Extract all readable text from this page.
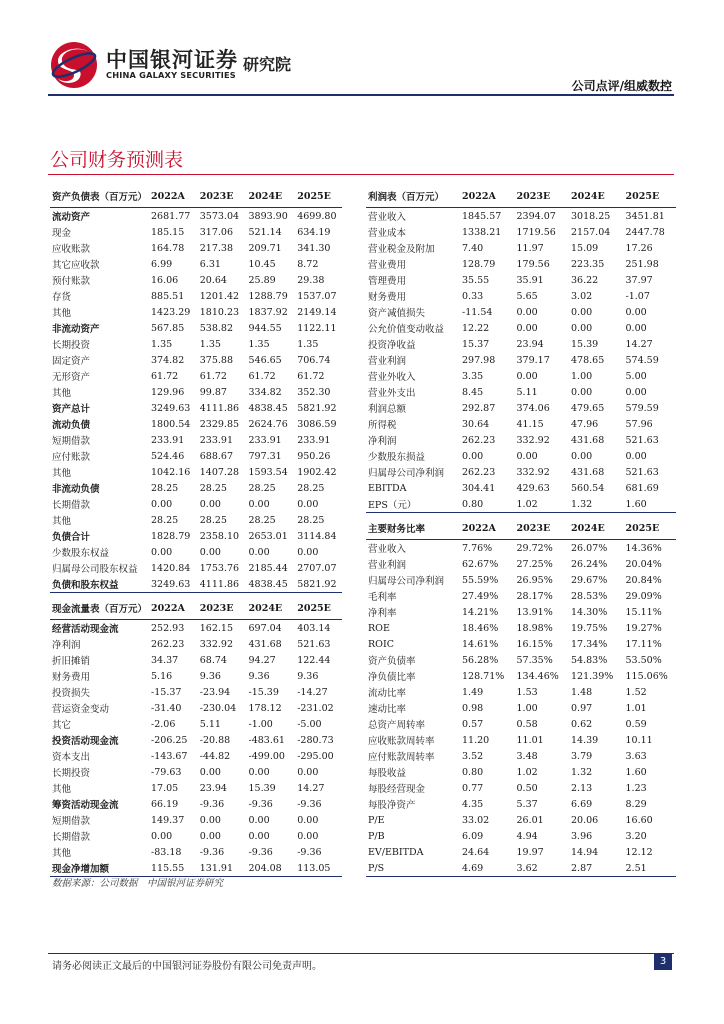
中国银河证券
CHINA GALAXY SECURITIES
研究院
公司点评/组威数控
公司财务预测表
资产负债表（百万元）	2022A	2023E	2024E	2025E
流动资产	2681.77	3573.04	3893.90	4699.80
现金	185.15	317.06	521.14	634.19
应收账款	164.78	217.38	209.71	341.30
其它应收款	6.99	6.31	10.45	8.72
预付账款	16.06	20.64	25.89	29.38
存货	885.51	1201.42	1288.79	1537.07
其他	1423.29	1810.23	1837.92	2149.14
非流动资产	567.85	538.82	944.55	1122.11
长期投资	1.35	1.35	1.35	1.35
固定资产	374.82	375.88	546.65	706.74
无形资产	61.72	61.72	61.72	61.72
其他	129.96	99.87	334.82	352.30
资产总计	3249.63	4111.86	4838.45	5821.92
流动负债	1800.54	2329.85	2624.76	3086.59
短期借款	233.91	233.91	233.91	233.91
应付账款	524.46	688.67	797.31	950.26
其他	1042.16	1407.28	1593.54	1902.42
非流动负债	28.25	28.25	28.25	28.25
长期借款	0.00	0.00	0.00	0.00
其他	28.25	28.25	28.25	28.25
负债合计	1828.79	2358.10	2653.01	3114.84
少数股东权益	0.00	0.00	0.00	0.00
归属母公司股东权益	1420.84	1753.76	2185.44	2707.07
负债和股东权益	3249.63	4111.86	4838.45	5821.92
现金流量表（百万元）	2022A	2023E	2024E	2025E
经营活动现金流	252.93	162.15	697.04	403.14
净利润	262.23	332.92	431.68	521.63
折旧摊销	34.37	68.74	94.27	122.44
财务费用	5.16	9.36	9.36	9.36
投资损失	-15.37	-23.94	-15.39	-14.27
营运资金变动	-31.40	-230.04	178.12	-231.02
其它	-2.06	5.11	-1.00	-5.00
投资活动现金流	-206.25	-20.88	-483.61	-280.73
资本支出	-143.67	-44.82	-499.00	-295.00
长期投资	-79.63	0.00	0.00	0.00
其他	17.05	23.94	15.39	14.27
筹资活动现金流	66.19	-9.36	-9.36	-9.36
短期借款	149.37	0.00	0.00	0.00
长期借款	0.00	0.00	0.00	0.00
其他	-83.18	-9.36	-9.36	-9.36
现金净增加额	115.55	131.91	204.08	113.05
利润表（百万元）	2022A	2023E	2024E	2025E
营业收入	1845.57	2394.07	3018.25	3451.81
营业成本	1338.21	1719.56	2157.04	2447.78
营业税金及附加	7.40	11.97	15.09	17.26
营业费用	128.79	179.56	223.35	251.98
管理费用	35.55	35.91	36.22	37.97
财务费用	0.33	5.65	3.02	-1.07
资产减值损失	-11.54	0.00	0.00	0.00
公允价值变动收益	12.22	0.00	0.00	0.00
投资净收益	15.37	23.94	15.39	14.27
营业利润	297.98	379.17	478.65	574.59
营业外收入	3.35	0.00	1.00	5.00
营业外支出	8.45	5.11	0.00	0.00
利润总额	292.87	374.06	479.65	579.59
所得税	30.64	41.15	47.96	57.96
净利润	262.23	332.92	431.68	521.63
少数股东损益	0.00	0.00	0.00	0.00
归属母公司净利润	262.23	332.92	431.68	521.63
EBITDA	304.41	429.63	560.54	681.69
EPS（元）	0.80	1.02	1.32	1.60
主要财务比率	2022A	2023E	2024E	2025E
营业收入	7.76%	29.72%	26.07%	14.36%
营业利润	62.67%	27.25%	26.24%	20.04%
归属母公司净利润	55.59%	26.95%	29.67%	20.84%
毛利率	27.49%	28.17%	28.53%	29.09%
净利率	14.21%	13.91%	14.30%	15.11%
ROE	18.46%	18.98%	19.75%	19.27%
ROIC	14.61%	16.15%	17.34%	17.11%
资产负债率	56.28%	57.35%	54.83%	53.50%
净负债比率	128.71%	134.46%	121.39%	115.06%
流动比率	1.49	1.53	1.48	1.52
速动比率	0.98	1.00	0.97	1.01
总资产周转率	0.57	0.58	0.62	0.59
应收账款周转率	11.20	11.01	14.39	10.11
应付账款周转率	3.52	3.48	3.79	3.63
每股收益	0.80	1.02	1.32	1.60
每股经营现金	0.77	0.50	2.13	1.23
每股净资产	4.35	5.37	6.69	8.29
P/E	33.02	26.01	20.06	16.60
P/B	6.09	4.94	3.96	3.20
EV/EBITDA	24.64	19.97	14.94	12.12
P/S	4.69	3.62	2.87	2.51
数据来源：公司数据　中国银河证券研究
请务必阅读正文最后的中国银河证券股份有限公司免责声明。	3
